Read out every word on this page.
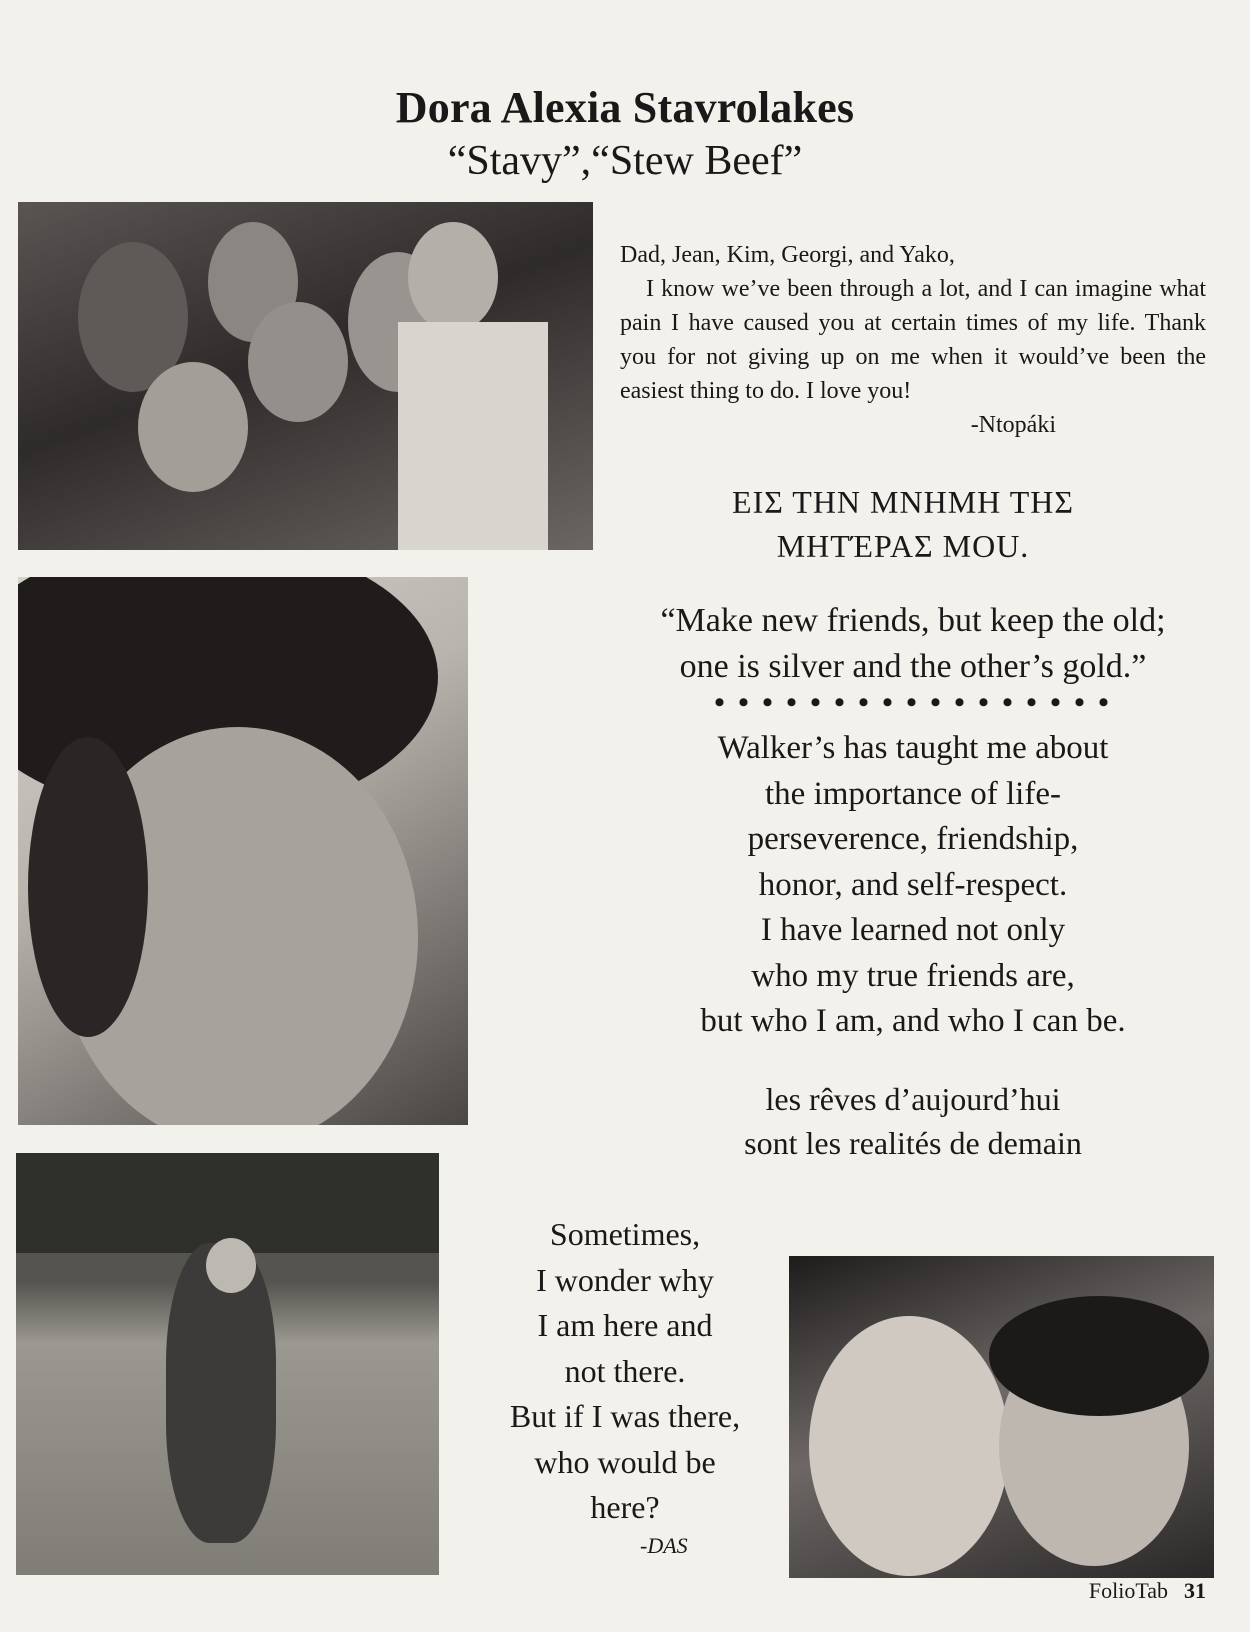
Dora Alexia Stavrolakes
“Stavy”,“Stew Beef”

Dad, Jean, Kim, Georgi, and Yako,

I know we’ve been through a lot, and I can imagine what pain I have caused you at certain times of my life. Thank you for not giving up on me when it would’ve been the easiest thing to do. I love you!

-Ntopáki

ΕΙΣ ΤΗΝ ΜΝΗΜΗ ΤΗΣ
ΜΗΤΈΡΑΣ ΜOU.
“Make new friends, but keep the old;
one is silver and the other’s gold.”
• • • • • • • • • • • • • • • • •
Walker’s has taught me about
the importance of life-
perseverence, friendship,
honor, and self-respect.
I have learned not only
who my true friends are,
but who I am, and who I can be.
les rêves d’aujourd’hui
sont les realités de demain
Sometimes,
I wonder why
I am here and
not there.
But if I was there,
who would be
here?
-DAS
FolioTab 31
